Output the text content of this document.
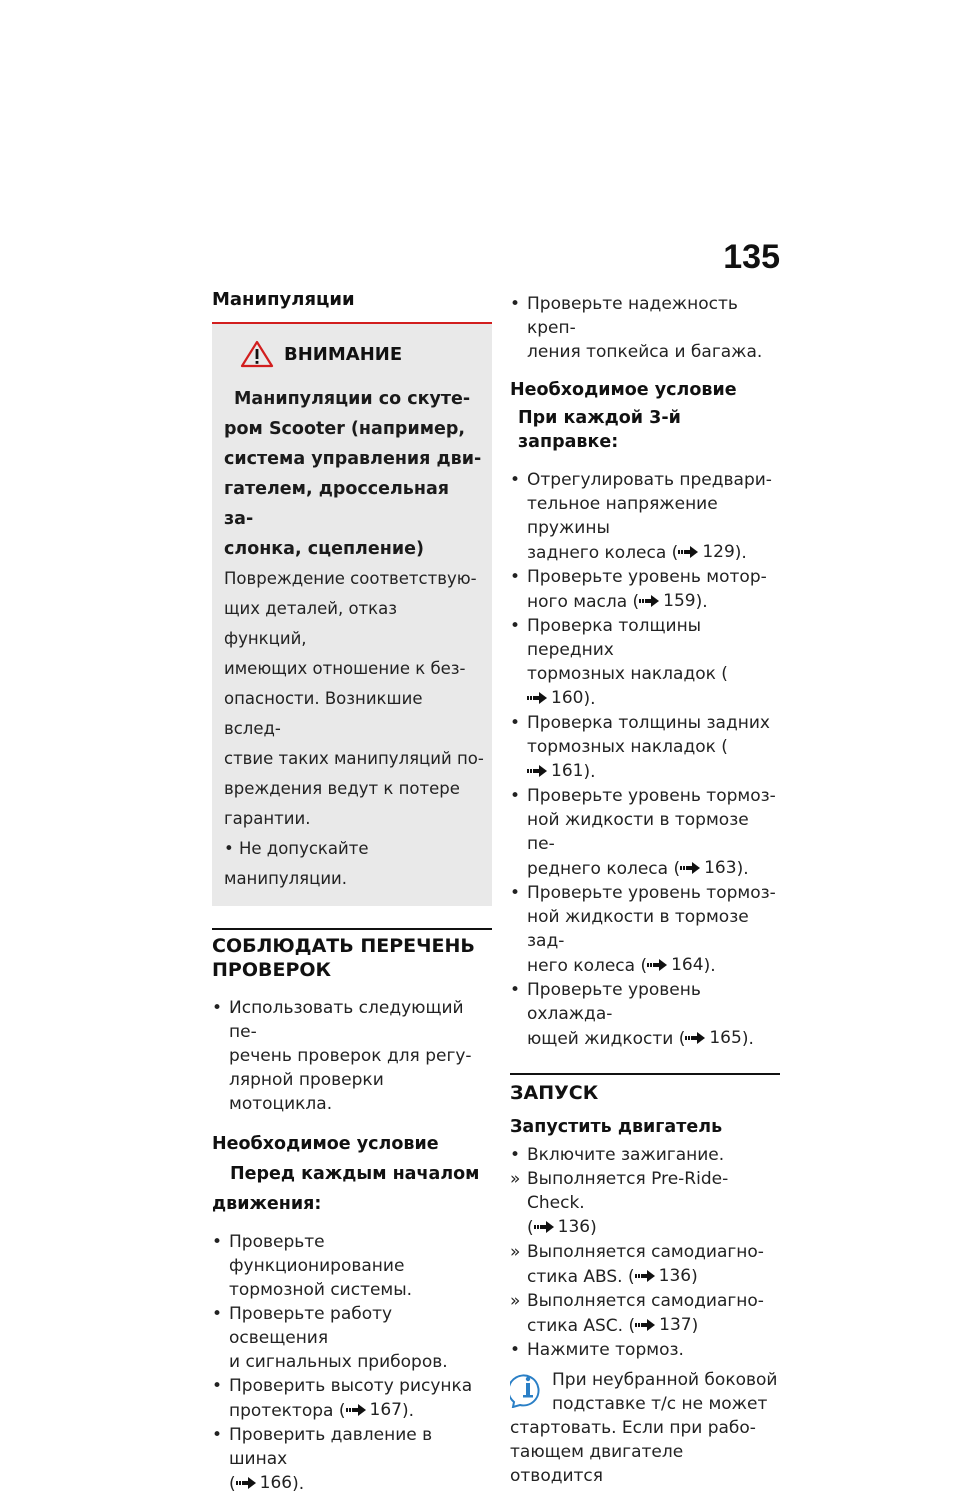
135
Манипуляции
ВНИМАНИЕ
Манипуляции со скуте-
ром Scooter (например,
система управления дви-
гателем, дроссельная за-
слонка, сцепление)
Повреждение соответствую-
щих деталей, отказ функций,
имеющих отношение к без-
опасности. Возникшие вслед-
ствие таких манипуляций по-
вреждения ведут к потере
гарантии.
• Не допускайте манипуляции.
СОБЛЮДАТЬ ПЕРЕЧЕНЬ
ПРОВЕРОК
• Использовать следующий пе-
речень проверок для регу-
лярной проверки мотоцикла.
Необходимое условие
Перед каждым началом
движения:
• Проверьте функционирование
тормозной системы.
• Проверьте работу освещения
и сигнальных приборов.
• Проверить высоту рисунка
протектора ( 167 ).
• Проверить давление в шинах
( 166 ).
• Проверьте надежность креп-
ления топкейса и багажа.
Необходимое условие
При каждой 3-й заправке:
• Отрегулировать предвари-
тельное напряжение пружины
заднего колеса ( 129 ).
• Проверьте уровень мотор-
ного масла ( 159 ).
• Проверка толщины передних
тормозных накладок (
160 ).
• Проверка толщины задних
тормозных накладок (
161 ).
• Проверьте уровень тормоз-
ной жидкости в тормозе пе-
реднего колеса ( 163 ).
• Проверьте уровень тормоз-
ной жидкости в тормозе зад-
него колеса ( 164 ).
• Проверьте уровень охлажда-
ющей жидкости ( 165 ).
ЗАПУСК
Запустить двигатель
• Включите зажигание.
» Выполняется Pre-Ride-Check.
( 136 )
» Выполняется самодиагно-
стика ABS. ( 136 )
» Выполняется самодиагно-
стика ASC. ( 137 )
• Нажмите тормоз.
При неубранной боковой
подставке т/с не может
стартовать. Если при рабо-
тающем двигателе отводится
